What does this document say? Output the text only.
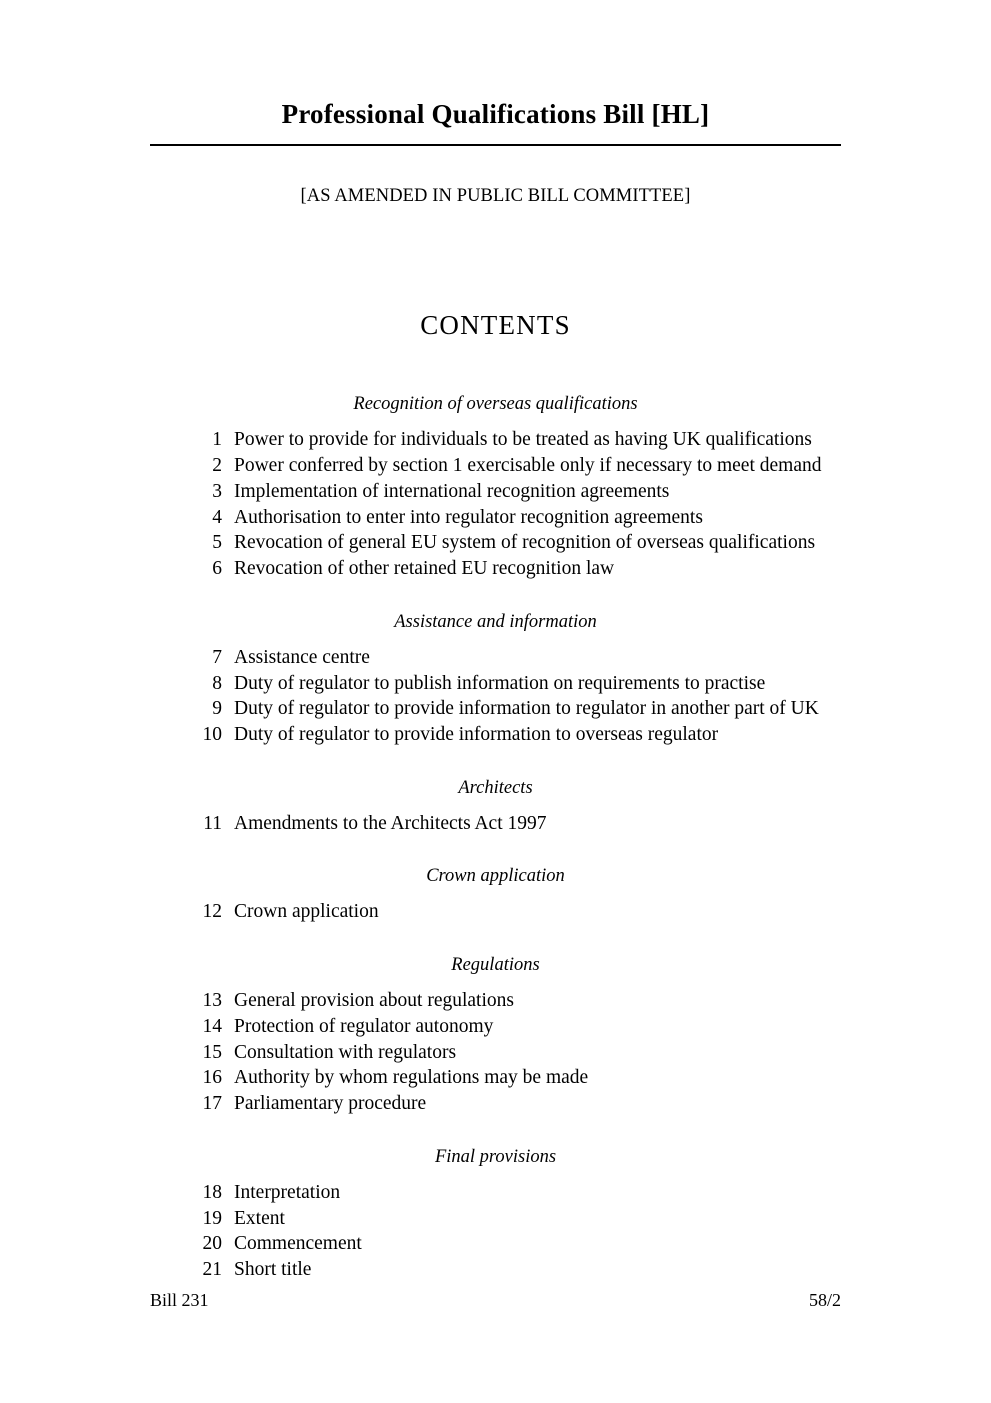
Professional Qualifications Bill [HL]
[AS AMENDED IN PUBLIC BILL COMMITTEE]
CONTENTS
Recognition of overseas qualifications
1 Power to provide for individuals to be treated as having UK qualifications
2 Power conferred by section 1 exercisable only if necessary to meet demand
3 Implementation of international recognition agreements
4 Authorisation to enter into regulator recognition agreements
5 Revocation of general EU system of recognition of overseas qualifications
6 Revocation of other retained EU recognition law
Assistance and information
7 Assistance centre
8 Duty of regulator to publish information on requirements to practise
9 Duty of regulator to provide information to regulator in another part of UK
10 Duty of regulator to provide information to overseas regulator
Architects
11 Amendments to the Architects Act 1997
Crown application
12 Crown application
Regulations
13 General provision about regulations
14 Protection of regulator autonomy
15 Consultation with regulators
16 Authority by whom regulations may be made
17 Parliamentary procedure
Final provisions
18 Interpretation
19 Extent
20 Commencement
21 Short title
Bill 231	58/2
